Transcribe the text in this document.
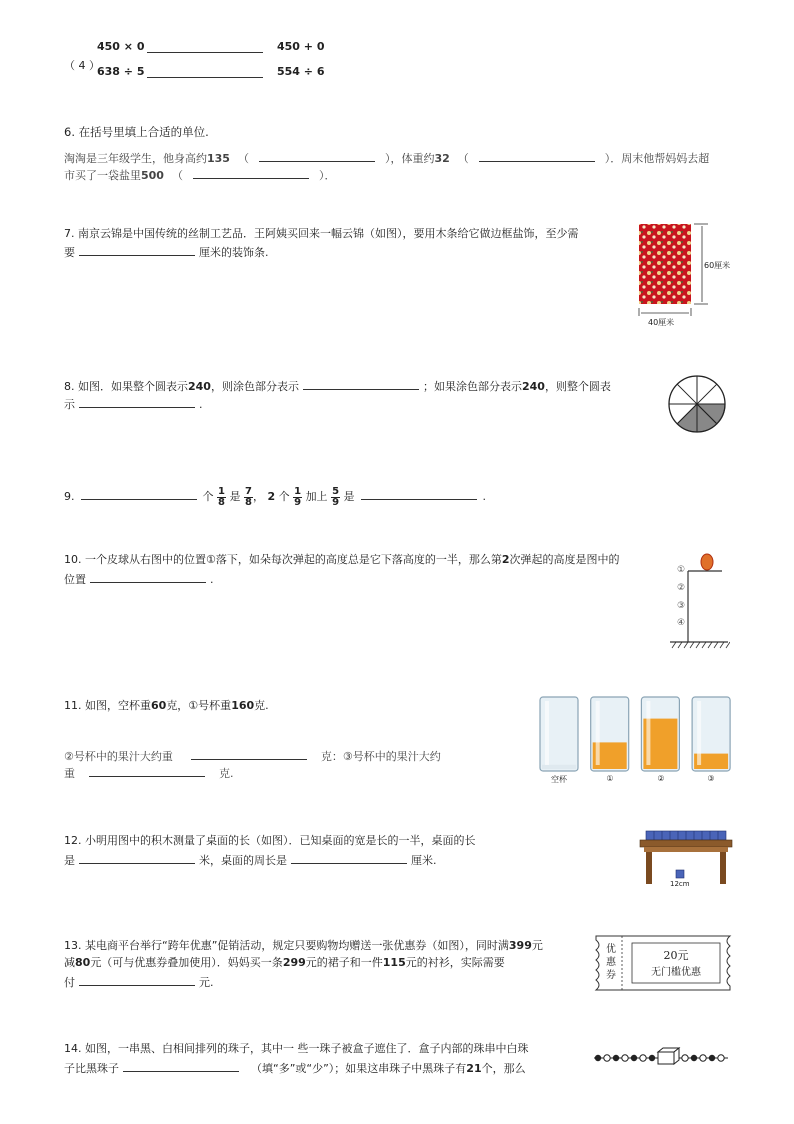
（ 4 ）
450 × 0	450 + 0
638 ÷ 5	554 ÷ 6
6. 在括号里填上合适的单位.
淘淘是三年级学生，他身高约135 （	），体重约32 （	）．周末他帮妈妈去超
市买了一袋盐里500 （	）．
7. 南京云锦是中国传统的丝制工艺品．王阿姨买回来一幅云锦（如图），要用木条给它做边框盐饰，至少需
要	厘米的装饰条.
60厘米
40厘米
8. 如图．如果整个圆表示240，则涂色部分表示	；如果涂色部分表示240，则整个圆表
示	.
9.	个 $\frac{1}{8}$ 是 $\frac{7}{8}$ ， 2 个 $\frac{1}{9}$ 加上 $\frac{5}{9}$ 是	.
10. 一个皮球从右图中的位置①落下，如朵每次弹起的高度总是它下落高度的一半，那么第2次弹起的高度是图中的
位置	.
①
②
③
④
11. 如图，空杯重60克，①号杯重160克.
②号杯中的果汁大约重	克：③号杯中的果汁大约
重	克.	空杯	①	②	③
12. 小明用图中的积木测量了桌面的长（如图）．已知桌面的宽是长的一半，桌面的长
是	米，桌面的周长是	厘米.
12cm
13. 某电商平台举行“跨年优惠”促销活动，规定只要购物均赠送一张优惠券（如图），同时满399元
减80元（可与优惠券叠加使用）．妈妈买一条299元的裙子和一件115元的衬衫，实际需要
付	元.
优
惠
券
20元
无门槛优惠
14. 如图，一串黑、白相间排列的珠子，其中一 些一珠子被盒子遮住了．盒子内部的珠串中白珠
子比黑珠子	（填“多”或“少”）；如果这串珠子中黑珠子有21个，那么
